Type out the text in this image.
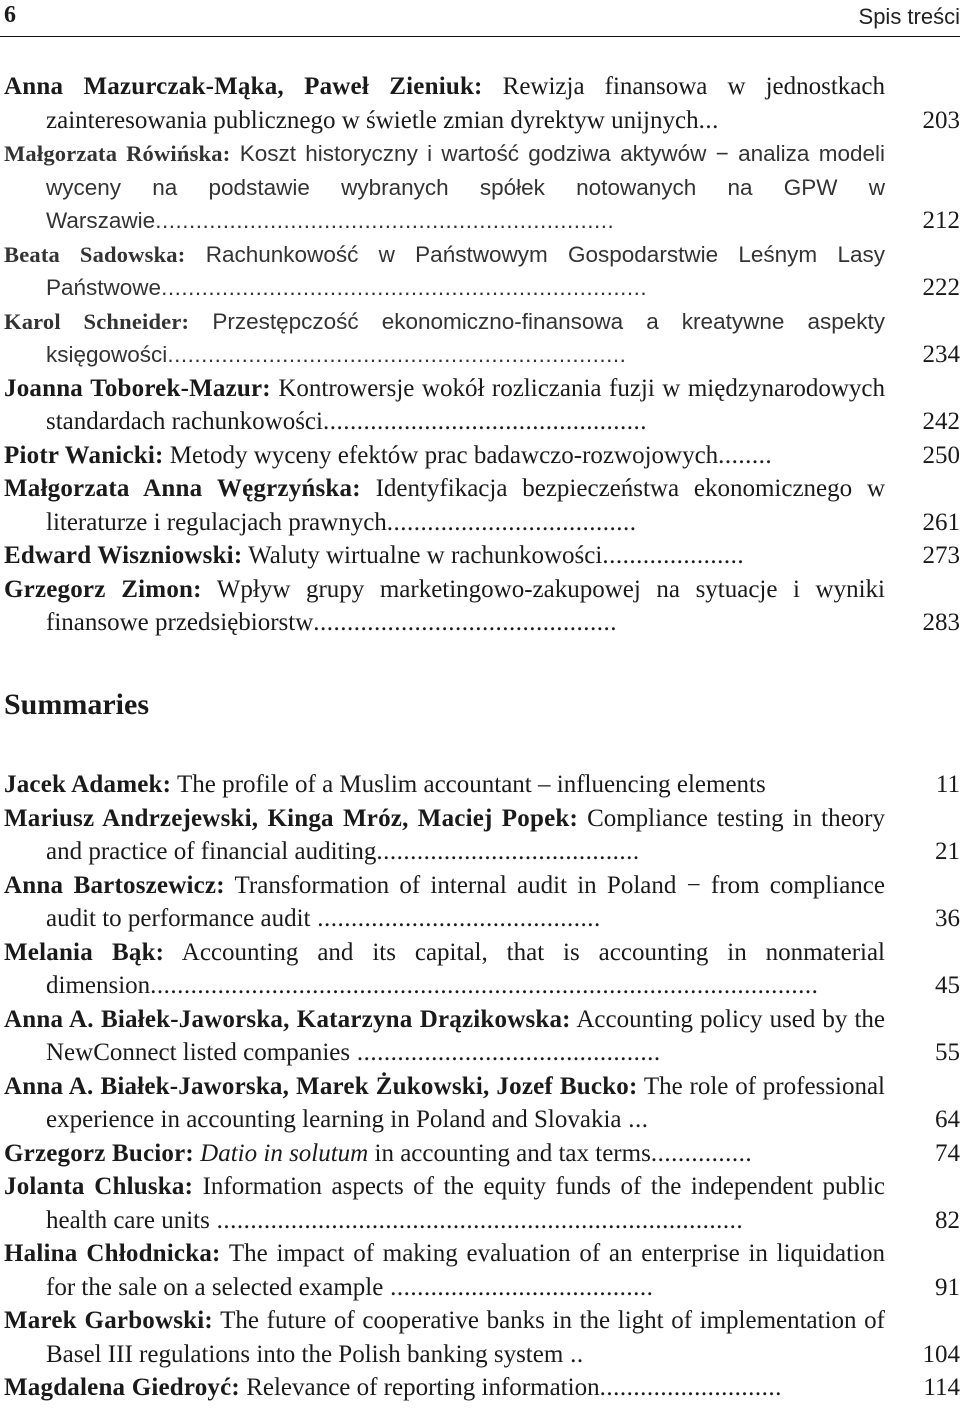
6	Spis treści
Anna Mazurczak-Mąka, Paweł Zieniuk: Rewizja finansowa w jednostkach zainteresowania publicznego w świetle zmian dyrektyw unijnych...	203
Małgorzata Rówińska: Koszt historyczny i wartość godziwa aktywów − analiza modeli wyceny na podstawie wybranych spółek notowanych na GPW w Warszawie....................................................................	212
Beata Sadowska: Rachunkowość w Państwowym Gospodarstwie Leśnym Lasy Państwowe........................................................................	222
Karol Schneider: Przestępczość ekonomiczno-finansowa a kreatywne aspekty księgowości....................................................................	234
Joanna Toborek-Mazur: Kontrowersje wokół rozliczania fuzji w międzynarodowych standardach rachunkowości................................................	242
Piotr Wanicki: Metody wyceny efektów prac badawczo-rozwojowych........	250
Małgorzata Anna Węgrzyńska: Identyfikacja bezpieczeństwa ekonomicznego w literaturze i regulacjach prawnych.....................................	261
Edward Wiszniowski: Waluty wirtualne w rachunkowości.....................	273
Grzegorz Zimon: Wpływ grupy marketingowo-zakupowej na sytuacje i wyniki finansowe przedsiębiorstw.............................................	283
Summaries
Jacek Adamek: The profile of a Muslim accountant – influencing elements	11
Mariusz Andrzejewski, Kinga Mróz, Maciej Popek: Compliance testing in theory and practice of financial auditing.......................................	21
Anna Bartoszewicz: Transformation of internal audit in Poland − from compliance audit to performance audit ..........................................	36
Melania Bąk: Accounting and its capital, that is accounting in nonmaterial dimension...................................................................................................	45
Anna A. Białek-Jaworska, Katarzyna Drązikowska: Accounting policy used by the NewConnect listed companies .............................................	55
Anna A. Białek-Jaworska, Marek Żukowski, Jozef Bucko: The role of professional experience in accounting learning in Poland and Slovakia ...	64
Grzegorz Bucior: Datio in solutum in accounting and tax terms...............	74
Jolanta Chluska: Information aspects of the equity funds of the independent public health care units ..............................................................................	82
Halina Chłodnicka: The impact of making evaluation of an enterprise in liquidation for the sale on a selected example .......................................	91
Marek Garbowski: The future of cooperative banks in the light of implementation of Basel III regulations into the Polish banking system ..	104
Magdalena Giedroyć: Relevance of reporting information...........................	114
